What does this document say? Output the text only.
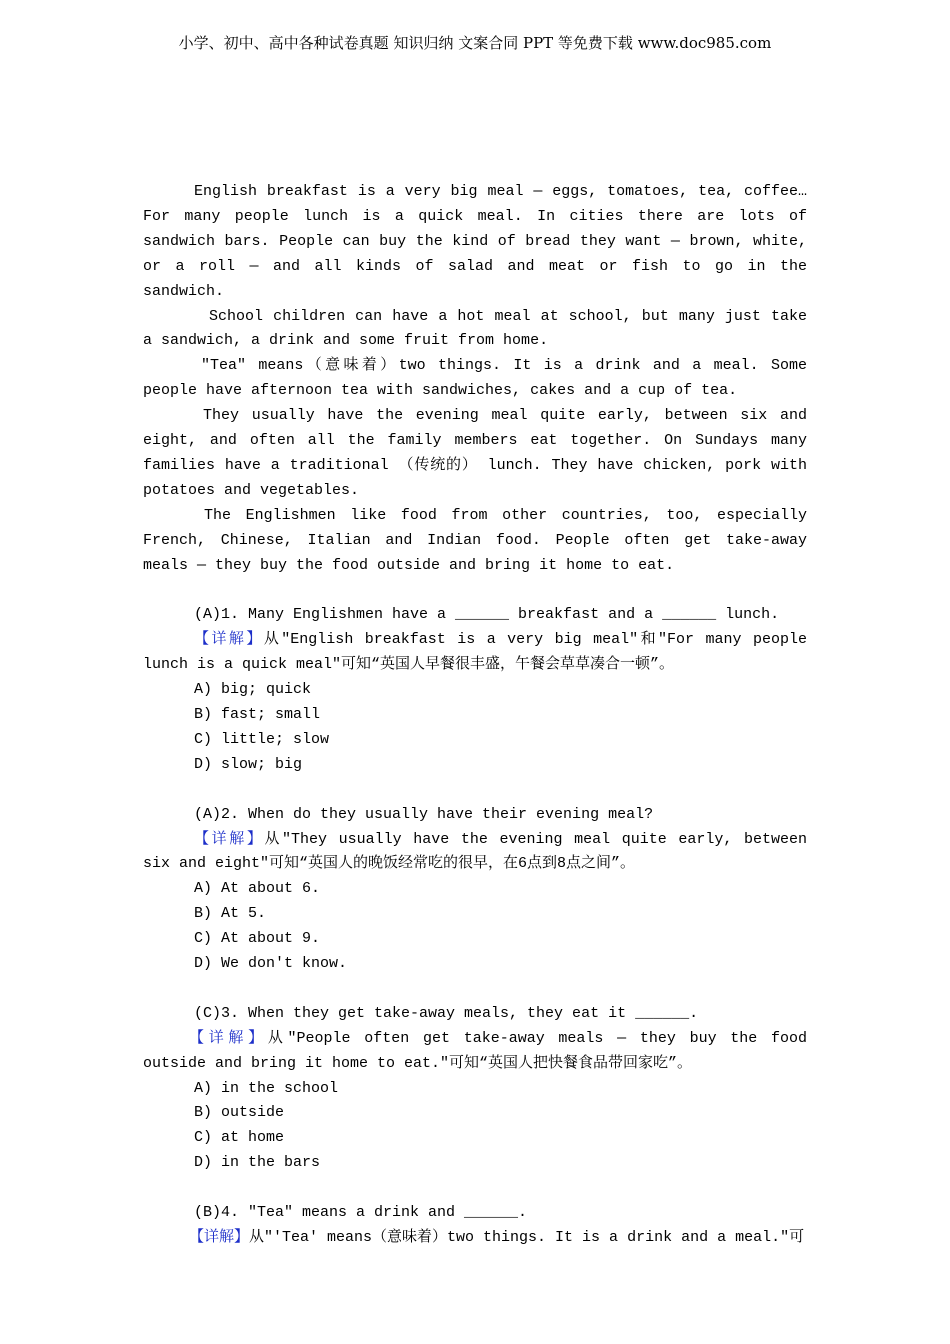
小学、初中、高中各种试卷真题 知识归纳 文案合同 PPT 等免费下载 www.doc985.com

English breakfast is a very big meal — eggs, tomatoes, tea, coffee… For many people lunch is a quick meal. In cities there are lots of sandwich bars. People can buy the kind of bread they want — brown, white, or a roll — and all kinds of salad and meat or fish to go in the sandwich.

School children can have a hot meal at school, but many just take a sandwich, a drink and some fruit from home.

"Tea" means（意味着）two things. It is a drink and a meal. Some people have afternoon tea with sandwiches, cakes and a cup of tea.

They usually have the evening meal quite early, between six and eight, and often all the family members eat together. On Sundays many families have a traditional （传统的） lunch. They have chicken, pork with potatoes and vegetables.

The Englishmen like food from other countries, too, especially French, Chinese, Italian and Indian food. People often get take-away meals — they buy the food outside and bring it home to eat.

(A)1. Many Englishmen have a ______ breakfast and a ______ lunch.

【详解】从"English breakfast is a very big meal"和"For many people lunch is a quick meal"可知“英国人早餐很丰盛，午餐会草草凑合一顿”。

A) big; quick

B) fast; small

C) little; slow

D) slow; big

(A)2. When do they usually have their evening meal?

【详解】从"They usually have the evening meal quite early, between six and eight"可知“英国人的晚饭经常吃的很早，在6点到8点之间”。

A) At about 6.

B) At 5.

C) At about 9.

D) We don't know.

(C)3. When they get take-away meals, they eat it ______.

【详解】从"People often get take-away meals — they buy the food outside and bring it home to eat."可知“英国人把快餐食品带回家吃”。

A) in the school

B) outside

C) at home

D) in the bars

(B)4. "Tea" means a drink and ______.

【详解】从"'Tea' means（意味着）two things. It is a drink and a meal."可
